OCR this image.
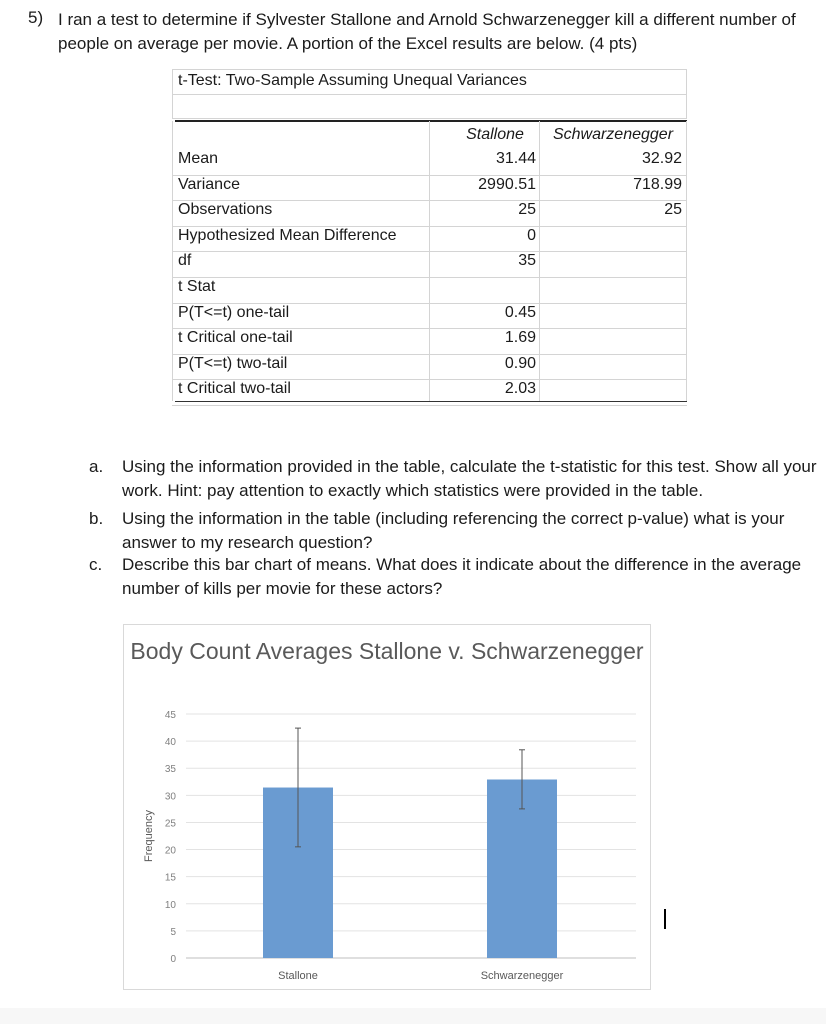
5) I ran a test to determine if Sylvester Stallone and Arnold Schwarzenegger kill a different number of people on average per movie. A portion of the Excel results are below. (4 pts)
t-Test: Two-Sample Assuming Unequal Variances
Stallone	Schwarzenegger
Mean	31.44	32.92
Variance	2990.51	718.99
Observations	25	25
Hypothesized Mean Difference	0
df	35
t Stat
P(T<=t) one-tail	0.45
t Critical one-tail	1.69
P(T<=t) two-tail	0.90
t Critical two-tail	2.03
a. Using the information provided in the table, calculate the t-statistic for this test. Show all your work. Hint: pay attention to exactly which statistics were provided in the table.
b. Using the information in the table (including referencing the correct p-value) what is your answer to my research question?
c. Describe this bar chart of means. What does it indicate about the difference in the average number of kills per movie for these actors?
Body Count Averages Stallone v. Schwarzenegger
0
5
10
15
20
25
30
35
40
45
Frequency
Stallone	Schwarzenegger
